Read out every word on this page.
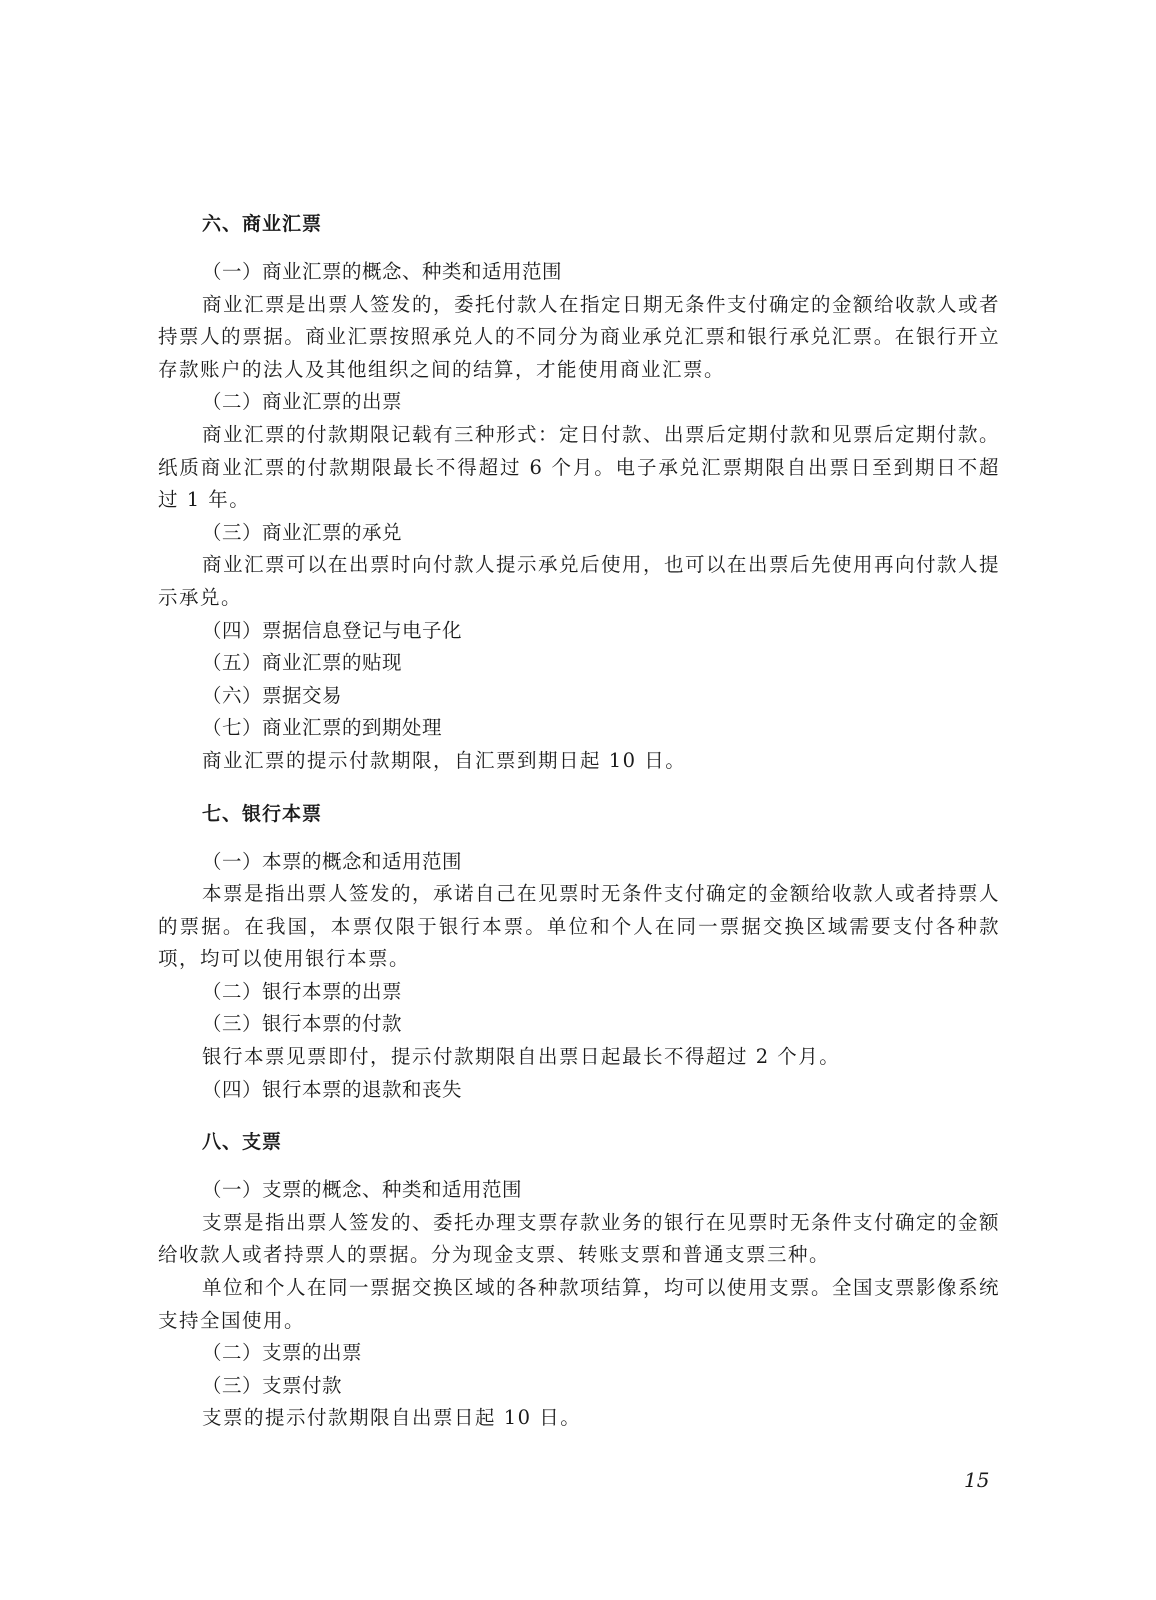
六、商业汇票
（一）商业汇票的概念、种类和适用范围

商业汇票是出票人签发的，委托付款人在指定日期无条件支付确定的金额给收款人或者持票人的票据。商业汇票按照承兑人的不同分为商业承兑汇票和银行承兑汇票。在银行开立存款账户的法人及其他组织之间的结算，才能使用商业汇票。

（二）商业汇票的出票

商业汇票的付款期限记载有三种形式：定日付款、出票后定期付款和见票后定期付款。纸质商业汇票的付款期限最长不得超过 6 个月。电子承兑汇票期限自出票日至到期日不超过 1 年。

（三）商业汇票的承兑

商业汇票可以在出票时向付款人提示承兑后使用，也可以在出票后先使用再向付款人提示承兑。

（四）票据信息登记与电子化
（五）商业汇票的贴现
（六）票据交易
（七）商业汇票的到期处理

商业汇票的提示付款期限，自汇票到期日起 10 日。

七、银行本票
（一）本票的概念和适用范围

本票是指出票人签发的，承诺自己在见票时无条件支付确定的金额给收款人或者持票人的票据。在我国，本票仅限于银行本票。单位和个人在同一票据交换区域需要支付各种款项，均可以使用银行本票。

（二）银行本票的出票
（三）银行本票的付款

银行本票见票即付，提示付款期限自出票日起最长不得超过 2 个月。

（四）银行本票的退款和丧失
八、支票
（一）支票的概念、种类和适用范围

支票是指出票人签发的、委托办理支票存款业务的银行在见票时无条件支付确定的金额给收款人或者持票人的票据。分为现金支票、转账支票和普通支票三种。

单位和个人在同一票据交换区域的各种款项结算，均可以使用支票。全国支票影像系统支持全国使用。

（二）支票的出票
（三）支票付款

支票的提示付款期限自出票日起 10 日。

15
